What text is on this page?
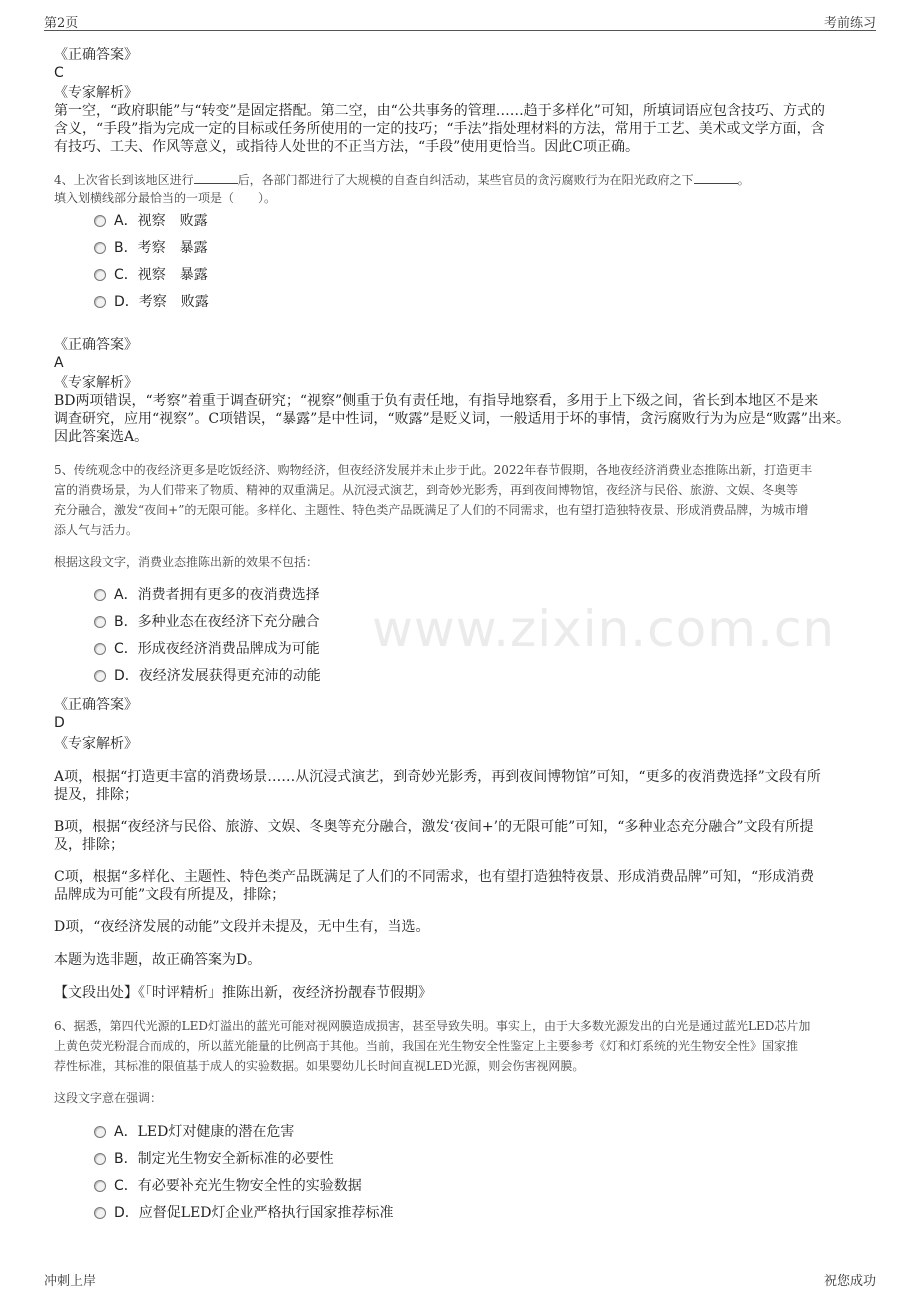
第2页	考前练习
www.zixin.com.cn
《正确答案》
C
《专家解析》
第一空，“政府职能”与“转变”是固定搭配。第二空，由“公共事务的管理……趋于多样化”可知，所填词语应包含技巧、方式的
含义，“手段”指为完成一定的目标或任务所使用的一定的技巧；“手法”指处理材料的方法，常用于工艺、美术或文学方面，含
有技巧、工夫、作风等意义，或指待人处世的不正当方法，“手段”使用更恰当。因此C项正确。
4、上次省长到该地区进行	后，各部门都进行了大规模的自查自纠活动，某些官员的贪污腐败行为在阳光政府之下	。
填入划横线部分最恰当的一项是（　　）。
A．视察　败露
B．考察　暴露
C．视察　暴露
D．考察　败露
《正确答案》
A
《专家解析》
BD两项错误，“考察”着重于调查研究；“视察”侧重于负有责任地，有指导地察看，多用于上下级之间，省长到本地区不是来
调查研究，应用“视察”。C项错误，“暴露”是中性词，“败露”是贬义词，一般适用于坏的事情，贪污腐败行为为应是“败露”出来。
因此答案选A。
5、传统观念中的夜经济更多是吃饭经济、购物经济，但夜经济发展并未止步于此。2022年春节假期，各地夜经济消费业态推陈出新，打造更丰
富的消费场景，为人们带来了物质、精神的双重满足。从沉浸式演艺，到奇妙光影秀，再到夜间博物馆，夜经济与民俗、旅游、文娱、冬奥等
充分融合，激发“夜间+”的无限可能。多样化、主题性、特色类产品既满足了人们的不同需求，也有望打造独特夜景、形成消费品牌，为城市增
添人气与活力。
根据这段文字，消费业态推陈出新的效果不包括：
A．消费者拥有更多的夜消费选择
B．多种业态在夜经济下充分融合
C．形成夜经济消费品牌成为可能
D．夜经济发展获得更充沛的动能
《正确答案》
D
《专家解析》
A项，根据“打造更丰富的消费场景……从沉浸式演艺，到奇妙光影秀，再到夜间博物馆”可知，“更多的夜消费选择”文段有所
提及，排除；
B项，根据“夜经济与民俗、旅游、文娱、冬奥等充分融合，激发‘夜间+’的无限可能”可知，“多种业态充分融合”文段有所提
及，排除；
C项，根据“多样化、主题性、特色类产品既满足了人们的不同需求，也有望打造独特夜景、形成消费品牌”可知，“形成消费
品牌成为可能”文段有所提及，排除；
D项，“夜经济发展的动能”文段并未提及，无中生有，当选。
本题为选非题，故正确答案为D。
【文段出处】《「时评精析」推陈出新，夜经济扮靓春节假期》
6、据悉，第四代光源的LED灯溢出的蓝光可能对视网膜造成损害，甚至导致失明。事实上，由于大多数光源发出的白光是通过蓝光LED芯片加
上黄色荧光粉混合而成的，所以蓝光能量的比例高于其他。当前，我国在光生物安全性鉴定上主要参考《灯和灯系统的光生物安全性》国家推
荐性标准，其标准的限值基于成人的实验数据。如果婴幼儿长时间直视LED光源，则会伤害视网膜。
这段文字意在强调：
A．LED灯对健康的潜在危害
B．制定光生物安全新标准的必要性
C．有必要补充光生物安全性的实验数据
D．应督促LED灯企业严格执行国家推荐标准
冲刺上岸	祝您成功
